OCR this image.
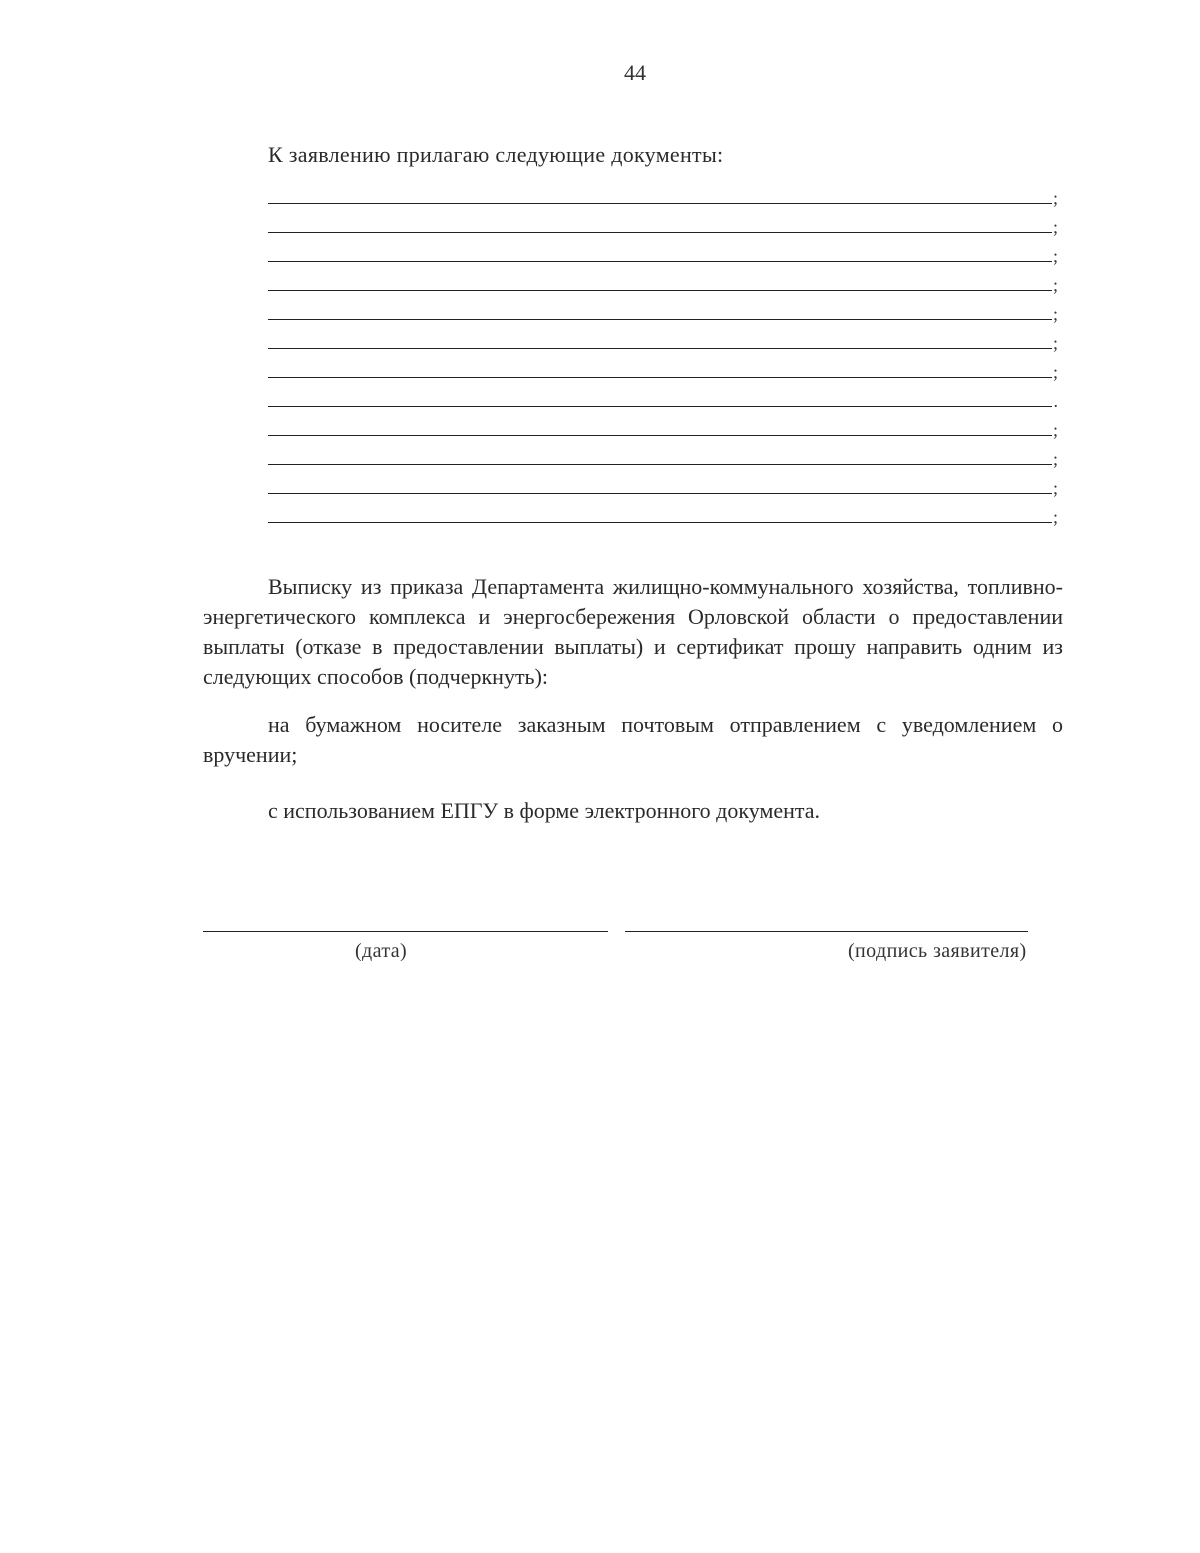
44
К заявлению прилагаю следующие документы:
;
;
;
;
;
;
;
.
;
;
;
;

Выписку из приказа Департамента жилищно-коммунального хозяйства, топливно-энергетического комплекса и энергосбережения Орловской области о предоставлении выплаты (отказе в предоставлении выплаты) и сертификат прошу направить одним из следующих способов (подчеркнуть):

на бумажном носителе заказным почтовым отправлением с уведомлением о вручении;

с использованием ЕПГУ в форме электронного документа.

(дата)	(подпись заявителя)
